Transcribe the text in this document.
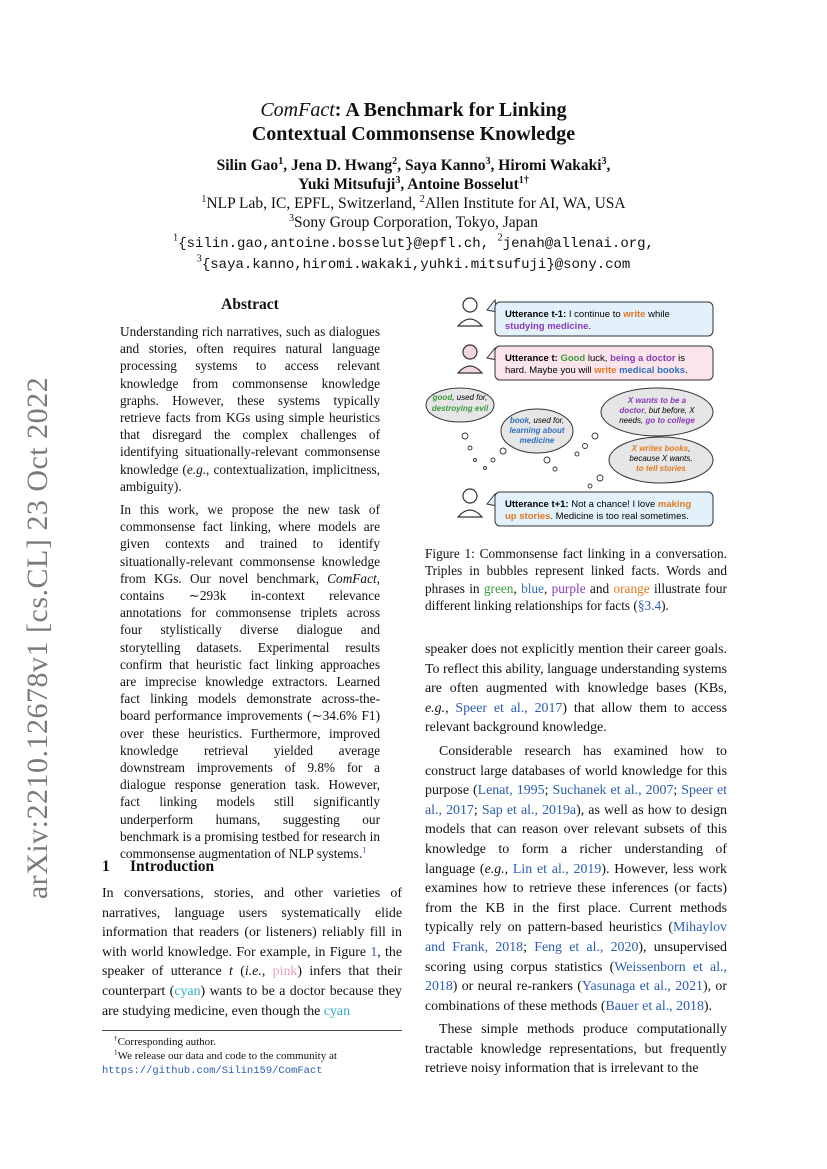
arXiv:2210.12678v1 [cs.CL] 23 Oct 2022
ComFact: A Benchmark for Linking
Contextual Commonsense Knowledge
Silin Gao$^1$, Jena D. Hwang$^2$, Saya Kanno$^3$, Hiromi Wakaki$^3$,
Yuki Mitsufuji$^3$, Antoine Bosselut$^{1\dagger}$
$^1$NLP Lab, IC, EPFL, Switzerland, $^2$Allen Institute for AI, WA, USA
$^3$Sony Group Corporation, Tokyo, Japan
$^1${silin.gao,antoine.bosselut}@epfl.ch, $^2$jenah@allenai.org,
$^3${saya.kanno,hiromi.wakaki,yuhki.mitsufuji}@sony.com
Abstract

Understanding rich narratives, such as dialogues and stories, often requires natural language processing systems to access relevant knowledge from commonsense knowledge graphs. However, these systems typically retrieve facts from KGs using simple heuristics that disregard the complex challenges of identifying situationally-relevant commonsense knowledge (e.g., contextualization, implicitness, ambiguity).

In this work, we propose the new task of commonsense fact linking, where models are given contexts and trained to identify situationally-relevant commonsense knowledge from KGs. Our novel benchmark, ComFact, contains ∼293k in-context relevance annotations for commonsense triplets across four stylistically diverse dialogue and storytelling datasets. Experimental results confirm that heuristic fact linking approaches are imprecise knowledge extractors. Learned fact linking models demonstrate across-the-board performance improvements (∼34.6% F1) over these heuristics. Furthermore, improved knowledge retrieval yielded average downstream improvements of 9.8% for a dialogue response generation task. However, fact linking models still significantly underperform humans, suggesting our benchmark is a promising testbed for research in commonsense augmentation of NLP systems.$^1$

1 Introduction
In conversations, stories, and other varieties of narratives, language users systematically elide information that readers (or listeners) reliably fill in with world knowledge. For example, in Figure 1, the speaker of utterance t (i.e., pink) infers that their counterpart (cyan) wants to be a doctor because they are studying medicine, even though the cyan

†Corresponding author.

$^1$We release our data and code to the community at https://github.com/Silin159/ComFact

Utterance t-1: I continue to write while
studying medicine.
Utterance t: Good luck, being a doctor is
hard. Maybe you will write medical books.
good, used for,
destroying evil
book, used for,
learning about
medicine
X wants to be a
doctor, but before, X
needs, go to college
X writes books,
because X wants,
to tell stories
Utterance t+1: Not a chance! I love making
up stories. Medicine is too real sometimes.
Figure 1: Commonsense fact linking in a conversation. Triples in bubbles represent linked facts. Words and phrases in green, blue, purple and orange illustrate four different linking relationships for facts (§3.4).

speaker does not explicitly mention their career goals. To reflect this ability, language understanding systems are often augmented with knowledge bases (KBs, e.g., Speer et al., 2017) that allow them to access relevant background knowledge.

Considerable research has examined how to construct large databases of world knowledge for this purpose (Lenat, 1995; Suchanek et al., 2007; Speer et al., 2017; Sap et al., 2019a), as well as how to design models that can reason over relevant subsets of this knowledge to form a richer understanding of language (e.g., Lin et al., 2019). However, less work examines how to retrieve these inferences (or facts) from the KB in the first place. Current methods typically rely on pattern-based heuristics (Mihaylov and Frank, 2018; Feng et al., 2020), unsupervised scoring using corpus statistics (Weissenborn et al., 2018) or neural re-rankers (Yasunaga et al., 2021), or combinations of these methods (Bauer et al., 2018).

These simple methods produce computationally tractable knowledge representations, but frequently retrieve noisy information that is irrelevant to the
